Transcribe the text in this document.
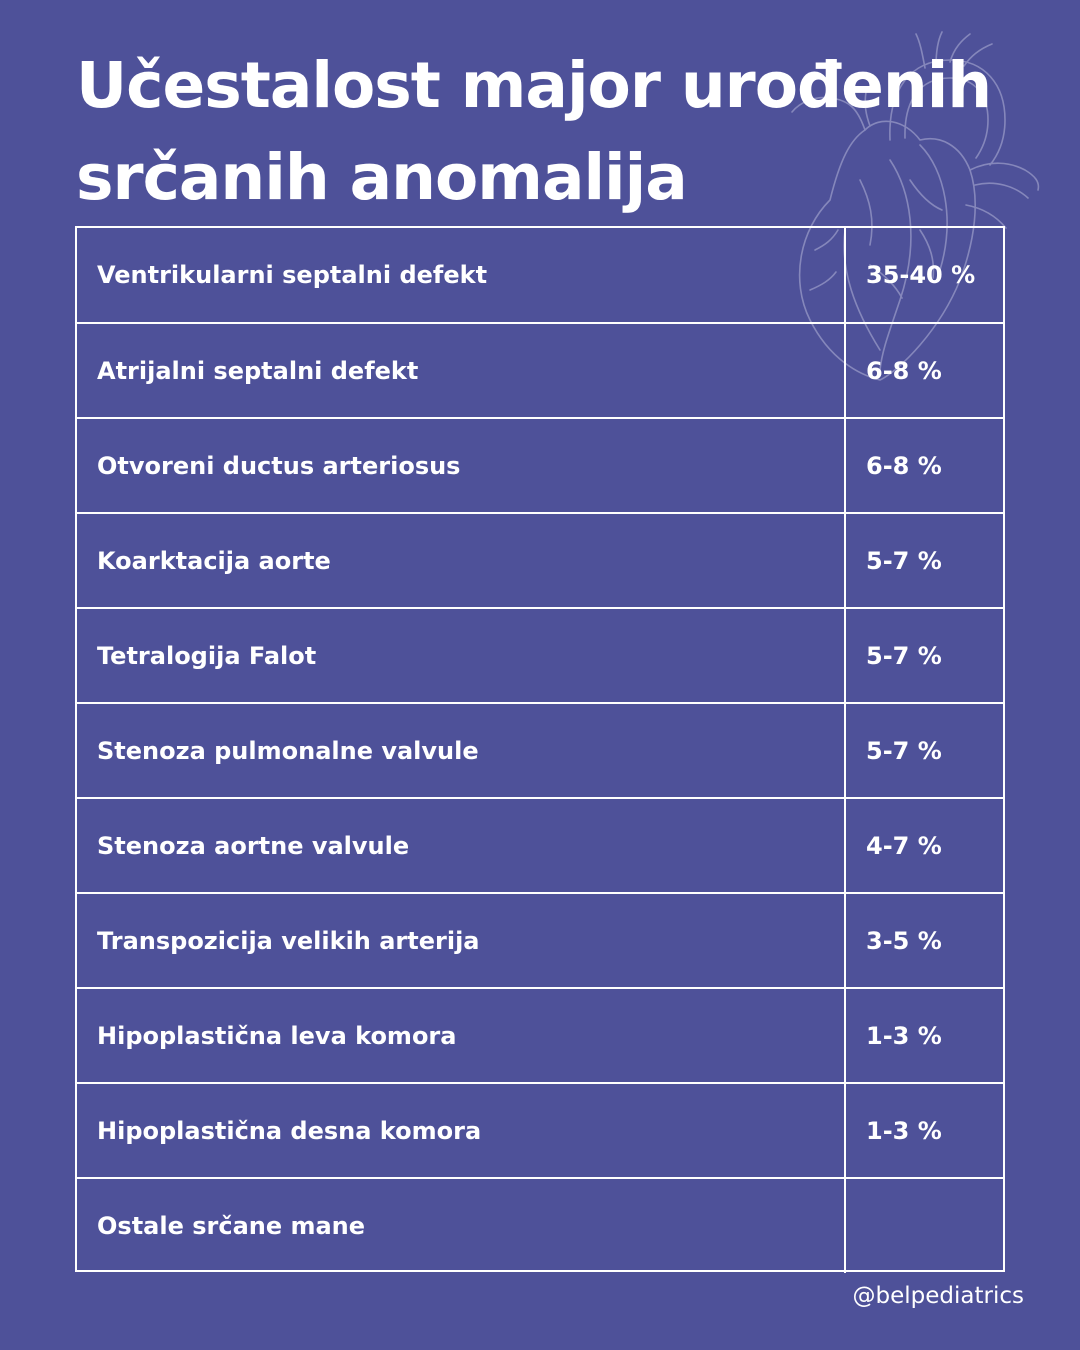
Učestalost major urođenih srčanih anomalija
Ventrikularni septalni defekt	35-40 %
Atrijalni septalni defekt	6-8 %
Otvoreni ductus arteriosus	6-8 %
Koarktacija aorte	5-7 %
Tetralogija Falot	5-7 %
Stenoza pulmonalne valvule	5-7 %
Stenoza aortne valvule	4-7 %
Transpozicija velikih arterija	3-5 %
Hipoplastična leva komora	1-3 %
Hipoplastična desna komora	1-3 %
Ostale srčane mane	
@belpediatrics
